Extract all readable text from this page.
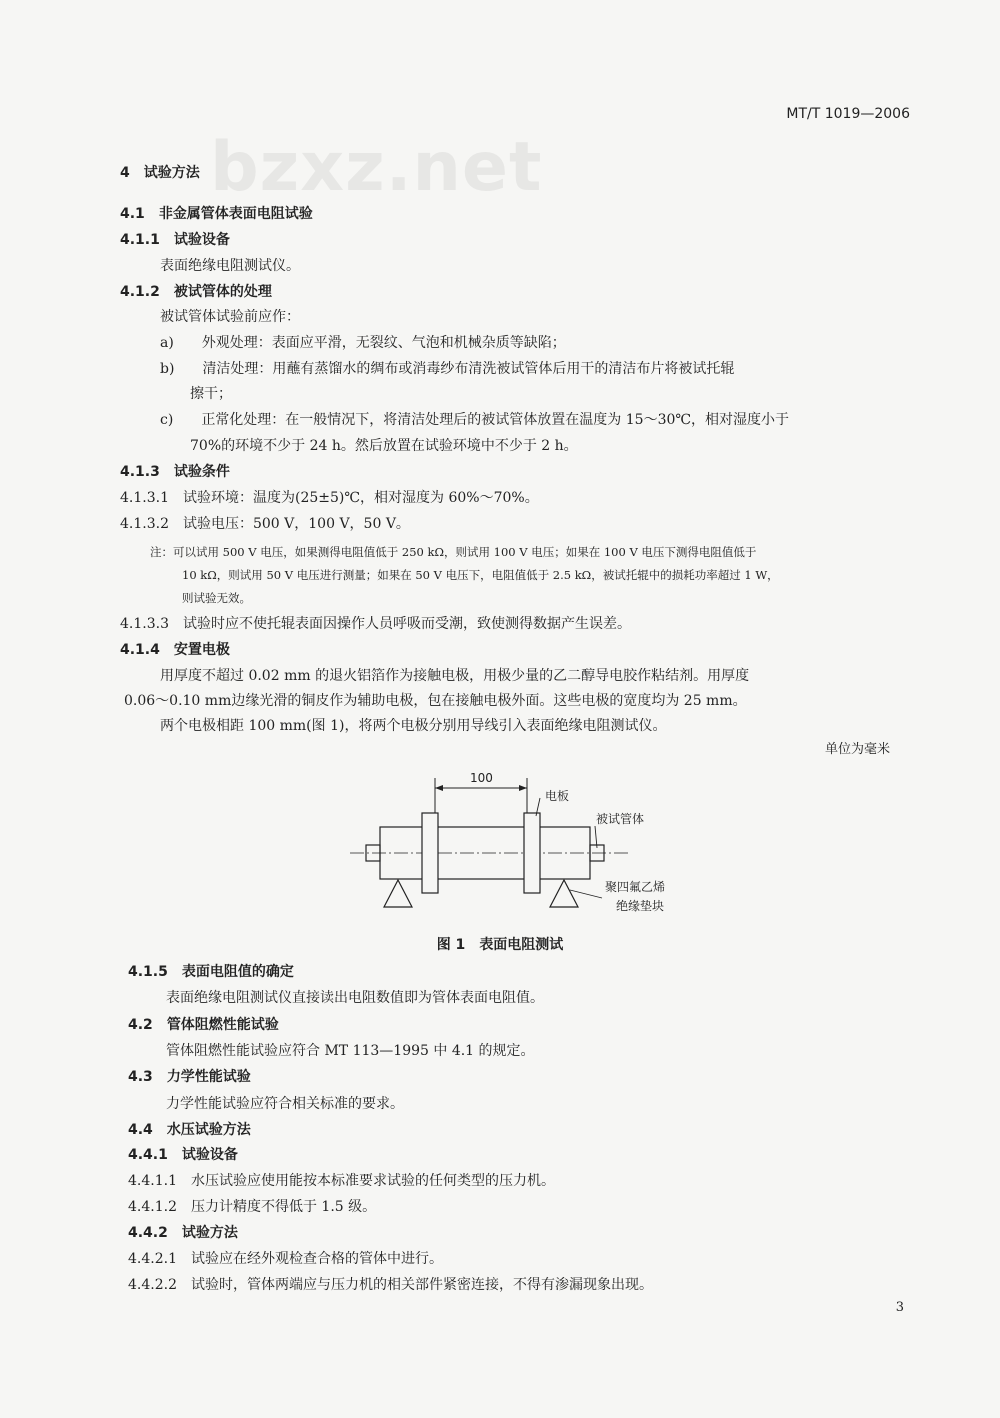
bzxz.net
MT/T 1019—2006
4 试验方法
4.1 非金属管体表面电阻试验
4.1.1 试验设备
表面绝缘电阻测试仪。
4.1.2 被试管体的处理
被试管体试验前应作：
a) 外观处理：表面应平滑，无裂纹、气泡和机械杂质等缺陷；
b) 清洁处理：用蘸有蒸馏水的绸布或消毒纱布清洗被试管体后用干的清洁布片将被试托辊
擦干；
c) 正常化处理：在一般情况下，将清洁处理后的被试管体放置在温度为 15～30℃，相对湿度小于
70%的环境不少于 24 h。然后放置在试验环境中不少于 2 h。
4.1.3 试验条件
4.1.3.1 试验环境：温度为(25±5)℃，相对湿度为 60%～70%。
4.1.3.2 试验电压：500 V，100 V，50 V。
注：可以试用 500 V 电压，如果测得电阻值低于 250 kΩ，则试用 100 V 电压；如果在 100 V 电压下测得电阻值低于
10 kΩ，则试用 50 V 电压进行测量；如果在 50 V 电压下，电阻值低于 2.5 kΩ，被试托辊中的损耗功率超过 1 W，
则试验无效。
4.1.3.3 试验时应不使托辊表面因操作人员呼吸而受潮，致使测得数据产生误差。
4.1.4 安置电极
用厚度不超过 0.02 mm 的退火铝箔作为接触电极，用极少量的乙二醇导电胶作粘结剂。用厚度
0.06～0.10 mm边缘光滑的铜皮作为辅助电极，包在接触电极外面。这些电极的宽度均为 25 mm。
两个电极相距 100 mm(图 1)，将两个电极分别用导线引入表面绝缘电阻测试仪。
单位为毫米
100
电板
被试管体
聚四氟乙烯
绝缘垫块
图 1 表面电阻测试
4.1.5 表面电阻值的确定
表面绝缘电阻测试仪直接读出电阻数值即为管体表面电阻值。
4.2 管体阻燃性能试验
管体阻燃性能试验应符合 MT 113—1995 中 4.1 的规定。
4.3 力学性能试验
力学性能试验应符合相关标准的要求。
4.4 水压试验方法
4.4.1 试验设备
4.4.1.1 水压试验应使用能按本标准要求试验的任何类型的压力机。
4.4.1.2 压力计精度不得低于 1.5 级。
4.4.2 试验方法
4.4.2.1 试验应在经外观检查合格的管体中进行。
4.4.2.2 试验时，管体两端应与压力机的相关部件紧密连接，不得有渗漏现象出现。
3
